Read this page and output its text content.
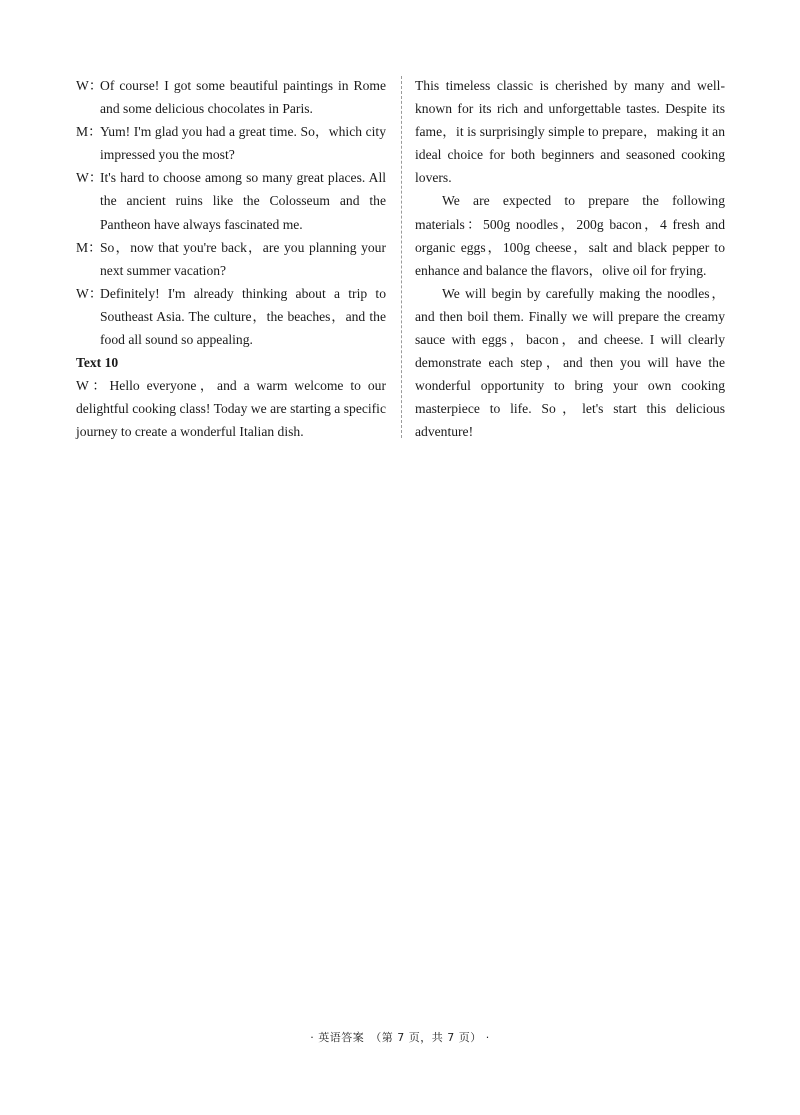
W：
Of course! I got some beautiful paintings in Rome and some delicious chocolates in Paris.
M：
Yum! I'm glad you had a great time. So，which city impressed you the most?
W：
It's hard to choose among so many great places. All the ancient ruins like the Colosseum and the Pantheon have always fascinated me.
M：
So，now that you're back，are you planning your next summer vacation?
W：
Definitely! I'm already thinking about a trip to Southeast Asia. The culture，the beaches，and the food all sound so appealing.

Text 10

W：Hello everyone，and a warm welcome to our delightful cooking class! Today we are starting a specific journey to create a wonderful Italian dish.

This timeless classic is cherished by many and well-known for its rich and unforgettable tastes. Despite its fame，it is surprisingly simple to prepare，making it an ideal choice for both beginners and seasoned cooking lovers.

We are expected to prepare the following materials：500g noodles，200g bacon，4 fresh and organic eggs，100g cheese，salt and black pepper to enhance and balance the flavors，olive oil for frying.

We will begin by carefully making the noodles，and then boil them. Finally we will prepare the creamy sauce with eggs，bacon，and cheese. I will clearly demonstrate each step，and then you will have the wonderful opportunity to bring your own cooking masterpiece to life. So，let's start this delicious adventure!

· 英语答案　（第 7 页，共 7 页） ·
